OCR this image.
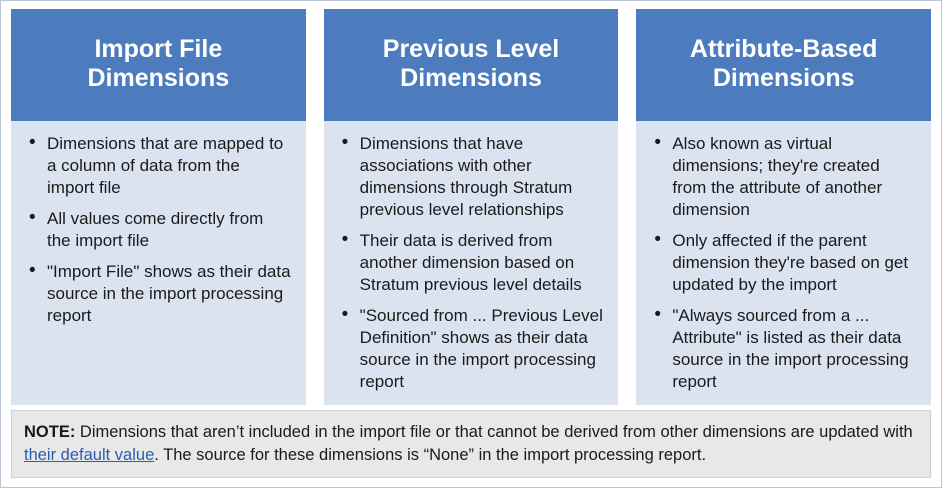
Import File
Dimensions
• Dimensions that are mapped to a column of data from the import file
• All values come directly from the import file
• "Import File" shows as their data source in the import processing report
Previous Level
Dimensions
• Dimensions that have associations with other dimensions through Stratum previous level relationships
• Their data is derived from another dimension based on Stratum previous level details
• "Sourced from ... Previous Level Definition" shows as their data source in the import processing report
Attribute-Based
Dimensions
• Also known as virtual dimensions; they're created from the attribute of another dimension
• Only affected if the parent dimension they're based on get updated by the import
• "Always sourced from a ... Attribute" is listed as their data source in the import processing report
NOTE: Dimensions that aren’t included in the import file or that cannot be derived from other dimensions are updated with their default value. The source for these dimensions is “None” in the import processing report.
